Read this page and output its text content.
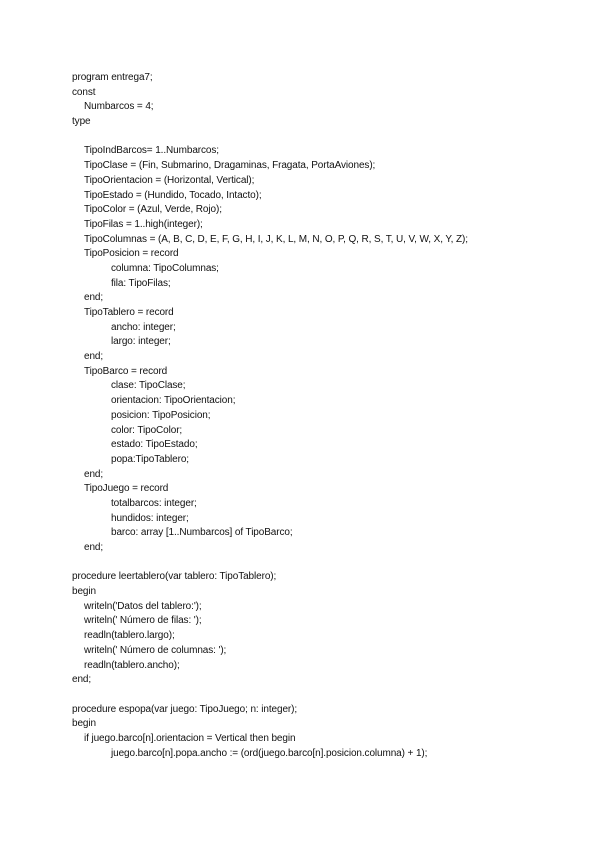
program entrega7;
const
Numbarcos = 4;
type
TipoIndBarcos= 1..Numbarcos;
TipoClase = (Fin, Submarino, Dragaminas, Fragata, PortaAviones);
TipoOrientacion = (Horizontal, Vertical);
TipoEstado = (Hundido, Tocado, Intacto);
TipoColor = (Azul, Verde, Rojo);
TipoFilas = 1..high(integer);
TipoColumnas = (A, B, C, D, E, F, G, H, I, J, K, L, M, N, O, P, Q, R, S, T, U, V, W, X, Y, Z);
TipoPosicion = record
columna: TipoColumnas;
fila: TipoFilas;
end;
TipoTablero = record
ancho: integer;
largo: integer;
end;
TipoBarco = record
clase: TipoClase;
orientacion: TipoOrientacion;
posicion: TipoPosicion;
color: TipoColor;
estado: TipoEstado;
popa:TipoTablero;
end;
TipoJuego = record
totalbarcos: integer;
hundidos: integer;
barco: array [1..Numbarcos] of TipoBarco;
end;
procedure leertablero(var tablero: TipoTablero);
begin
writeln('Datos del tablero:');
writeln(' Número de filas: ');
readln(tablero.largo);
writeln(' Número de columnas: ');
readln(tablero.ancho);
end;
procedure espopa(var juego: TipoJuego; n: integer);
begin
if juego.barco[n].orientacion = Vertical then begin
juego.barco[n].popa.ancho := (ord(juego.barco[n].posicion.columna) + 1);
